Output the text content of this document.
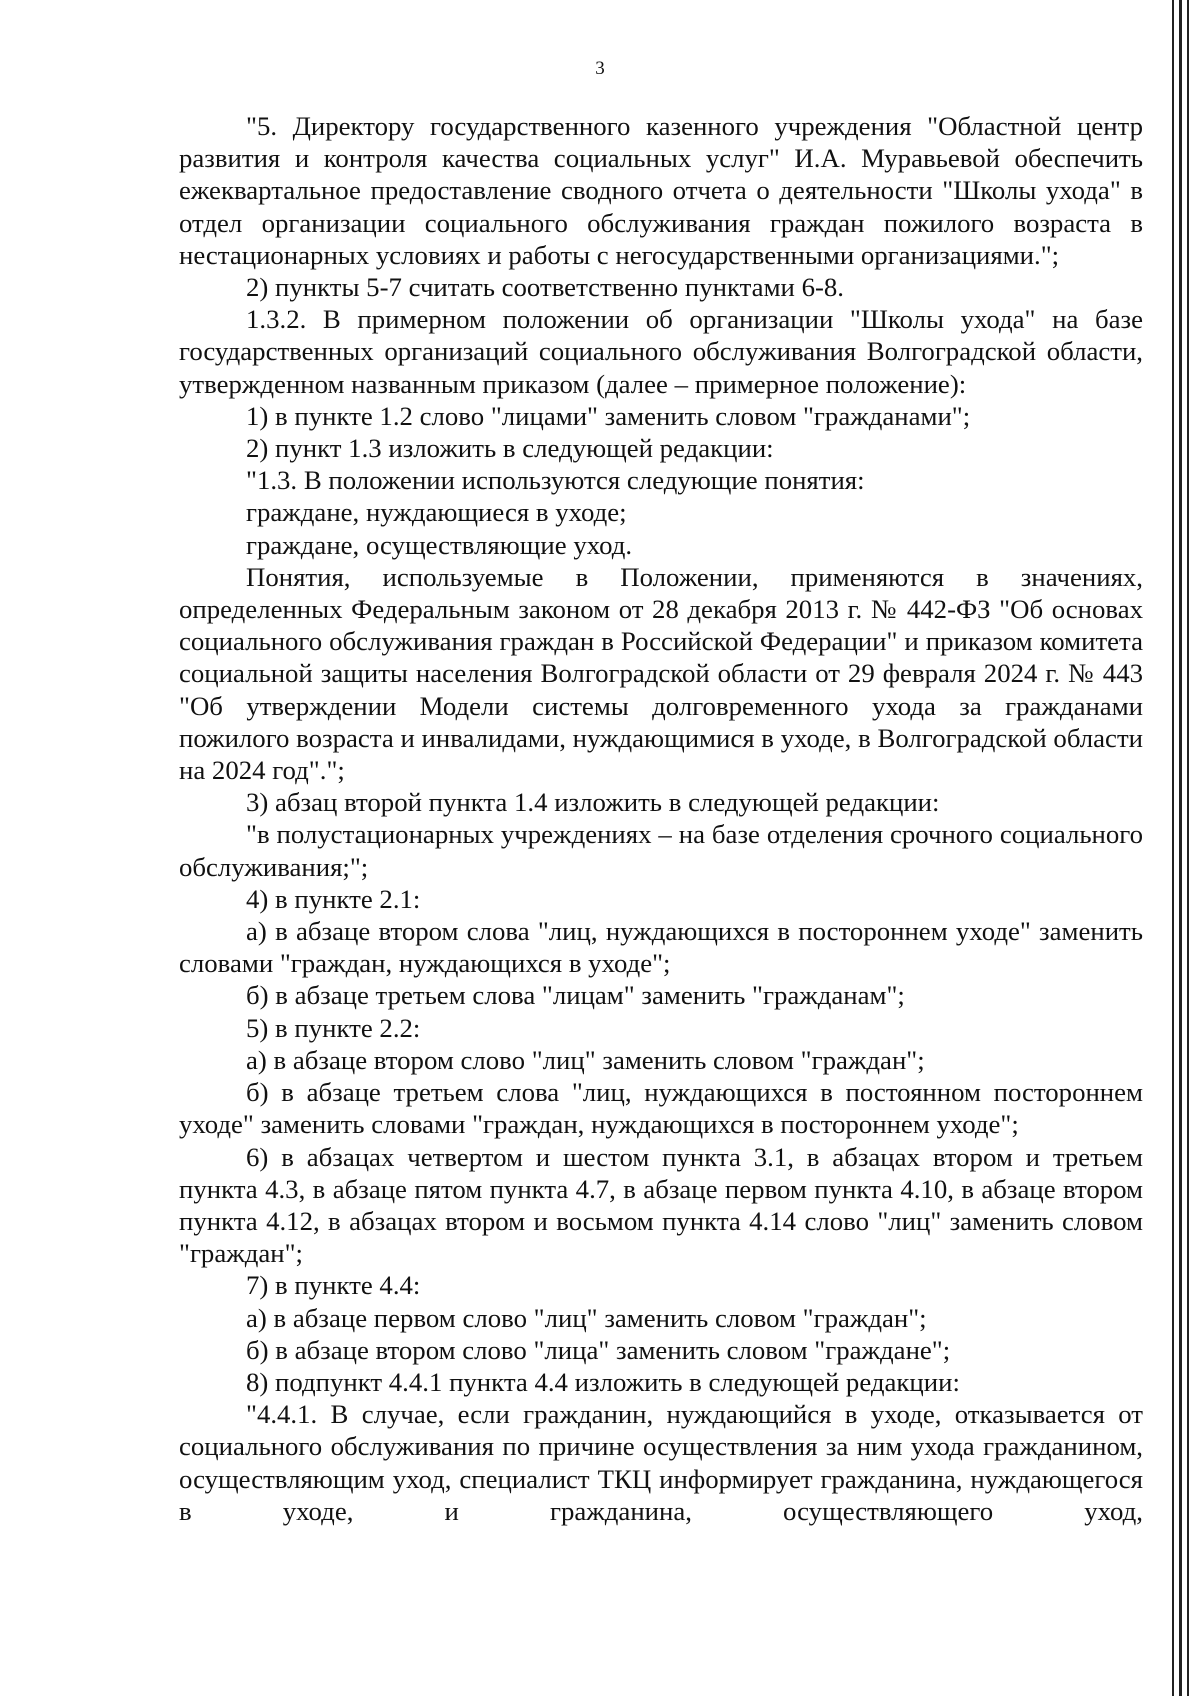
3

"5. Директору государственного казенного учреждения "Областной центр развития и контроля качества социальных услуг" И.А. Муравьевой обеспечить ежеквартальное предоставление сводного отчета о деятельности "Школы ухода" в отдел организации социального обслуживания граждан пожилого возраста в нестационарных условиях и работы с негосударственными организациями.";

2) пункты 5-7 считать соответственно пунктами 6-8.

1.3.2. В примерном положении об организации "Школы ухода" на базе государственных организаций социального обслуживания Волгоградской области, утвержденном названным приказом (далее – примерное положение):

1) в пункте 1.2 слово "лицами" заменить словом "гражданами";

2) пункт 1.3 изложить в следующей редакции:

"1.3. В положении используются следующие понятия:

граждане, нуждающиеся в уходе;

граждане, осуществляющие уход.

Понятия, используемые в Положении, применяются в значениях, определенных Федеральным законом от 28 декабря 2013 г. № 442-ФЗ "Об основах социального обслуживания граждан в Российской Федерации" и приказом комитета социальной защиты населения Волгоградской области от 29 февраля 2024 г. № 443 "Об утверждении Модели системы долговременного ухода за гражданами пожилого возраста и инвалидами, нуждающимися в уходе, в Волгоградской области на 2024 год".";

3) абзац второй пункта 1.4 изложить в следующей редакции:

"в полустационарных учреждениях – на базе отделения срочного социального обслуживания;";

4) в пункте 2.1:

а) в абзаце втором слова "лиц, нуждающихся в постороннем уходе" заменить словами "граждан, нуждающихся в уходе";

б) в абзаце третьем слова "лицам" заменить "гражданам";

5) в пункте 2.2:

а) в абзаце втором слово "лиц" заменить словом "граждан";

б) в абзаце третьем слова "лиц, нуждающихся в постоянном постороннем уходе" заменить словами "граждан, нуждающихся в постороннем уходе";

6) в абзацах четвертом и шестом пункта 3.1, в абзацах втором и третьем пункта 4.3, в абзаце пятом пункта 4.7, в абзаце первом пункта 4.10, в абзаце втором пункта 4.12, в абзацах втором и восьмом пункта 4.14 слово "лиц" заменить словом "граждан";

7) в пункте 4.4:

а) в абзаце первом слово "лиц" заменить словом "граждан";

б) в абзаце втором слово "лица" заменить словом "граждане";

8) подпункт 4.4.1 пункта 4.4 изложить в следующей редакции:

"4.4.1. В случае, если гражданин, нуждающийся в уходе, отказывается от социального обслуживания по причине осуществления за ним ухода гражданином, осуществляющим уход, специалист ТКЦ информирует гражданина, нуждающегося в уходе, и гражданина, осуществляющего уход,
